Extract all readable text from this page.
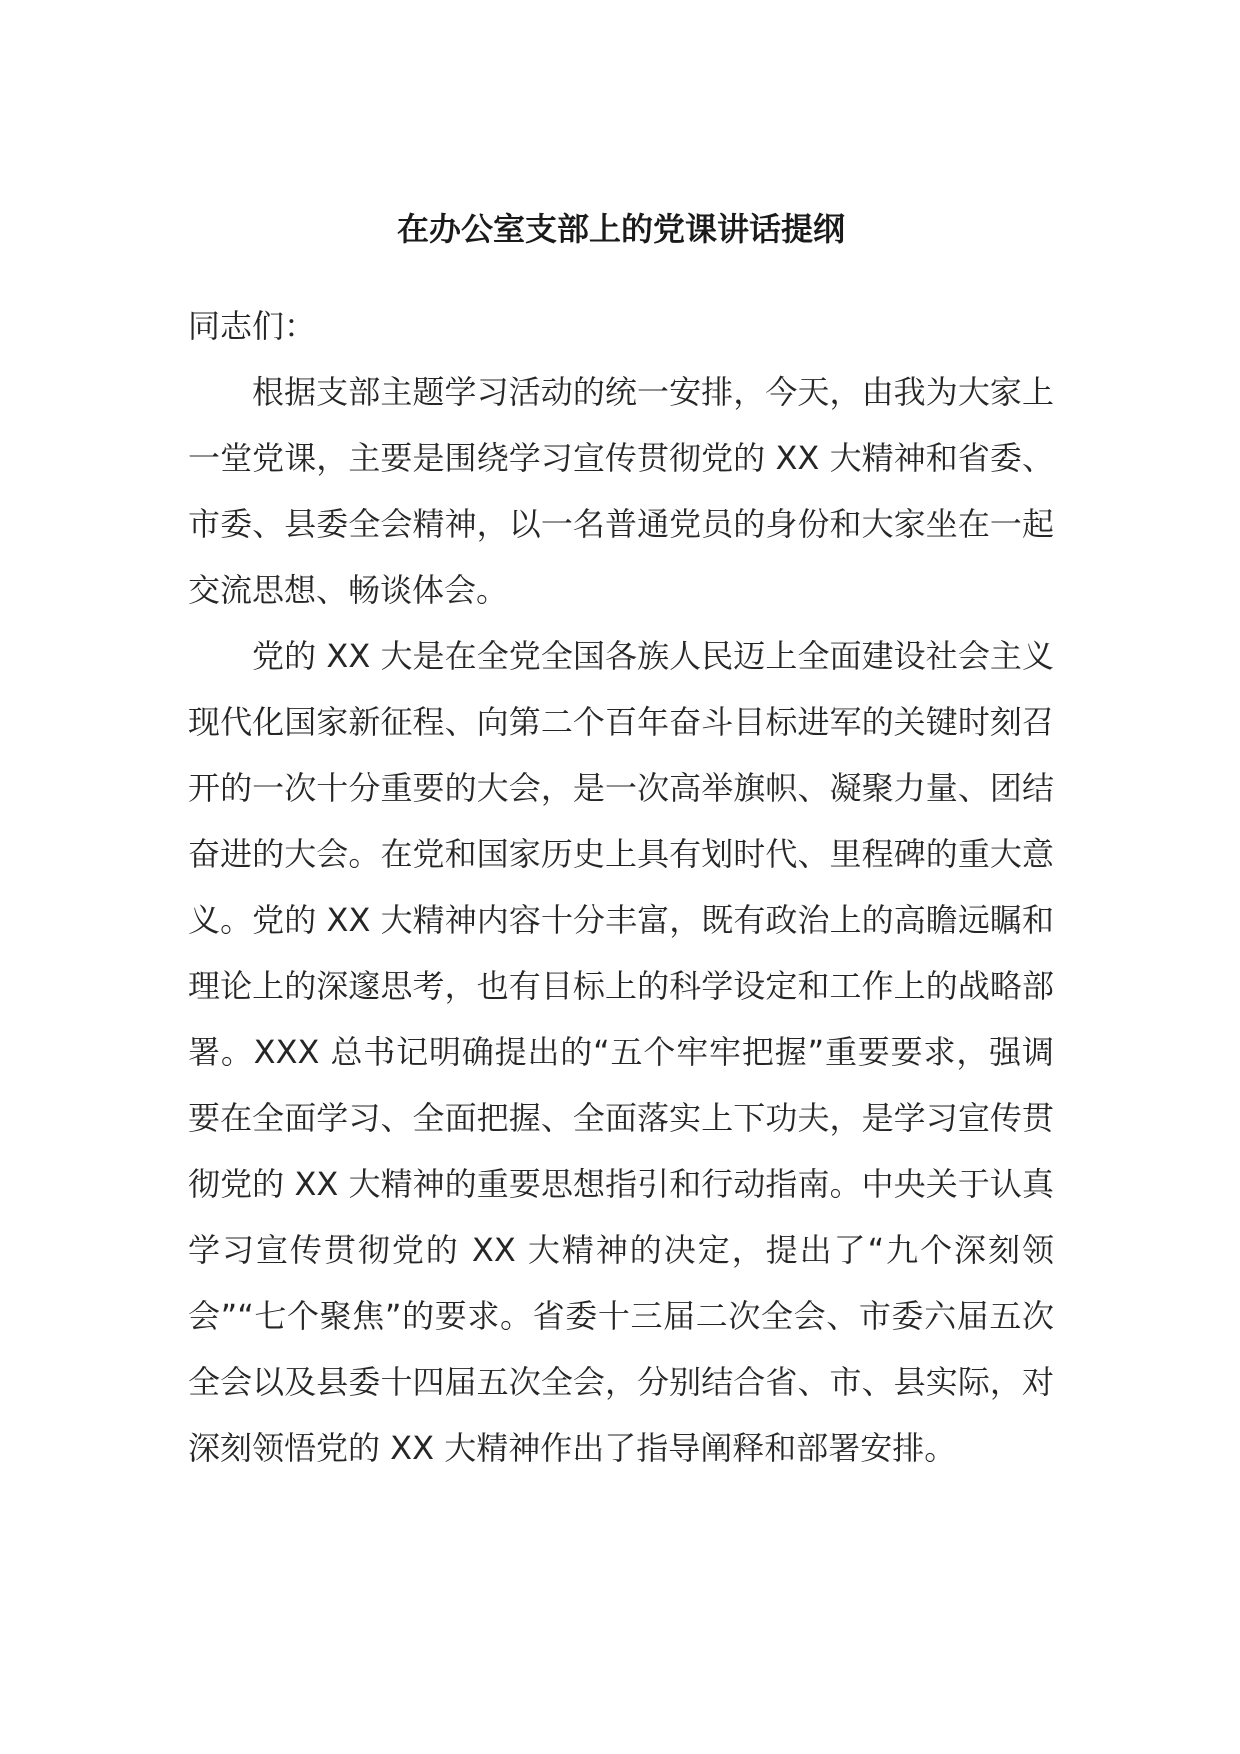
在办公室支部上的党课讲话提纲

同志们：

根据支部主题学习活动的统一安排，今天，由我为大家上一堂党课，主要是围绕学习宣传贯彻党的 XX 大精神和省委、市委、县委全会精神，以一名普通党员的身份和大家坐在一起交流思想、畅谈体会。

党的 XX 大是在全党全国各族人民迈上全面建设社会主义现代化国家新征程、向第二个百年奋斗目标进军的关键时刻召开的一次十分重要的大会，是一次高举旗帜、凝聚力量、团结奋进的大会。在党和国家历史上具有划时代、里程碑的重大意义。党的 XX 大精神内容十分丰富，既有政治上的高瞻远瞩和理论上的深邃思考，也有目标上的科学设定和工作上的战略部署。XXX 总书记明确提出的“五个牢牢把握”重要要求，强调要在全面学习、全面把握、全面落实上下功夫，是学习宣传贯彻党的 XX 大精神的重要思想指引和行动指南。中央关于认真学习宣传贯彻党的 XX 大精神的决定，提出了“九个深刻领会”“七个聚焦”的要求。省委十三届二次全会、市委六届五次全会以及县委十四届五次全会，分别结合省、市、县实际，对深刻领悟党的 XX 大精神作出了指导阐释和部署安排。
